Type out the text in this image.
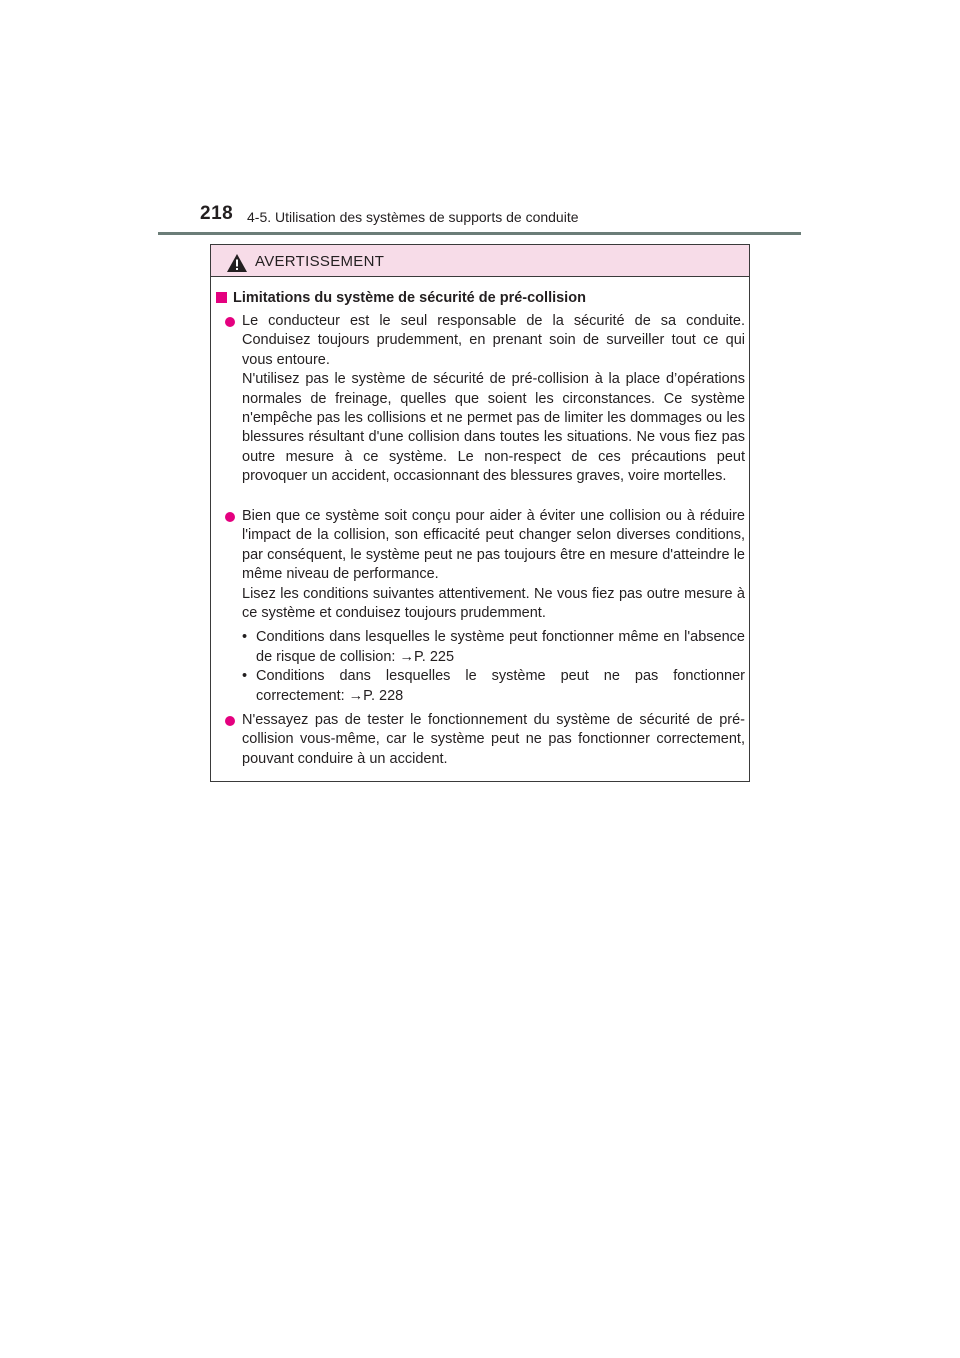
218 4-5. Utilisation des systèmes de supports de conduite
AVERTISSEMENT
Limitations du système de sécurité de pré-collision

Le conducteur est le seul responsable de la sécurité de sa conduite. Conduisez toujours prudemment, en prenant soin de surveiller tout ce qui vous entoure.

N'utilisez pas le système de sécurité de pré-collision à la place d’opérations normales de freinage, quelles que soient les circonstances. Ce système n'empêche pas les collisions et ne permet pas de limiter les dommages ou les blessures résultant d'une collision dans toutes les situations. Ne vous fiez pas outre mesure à ce système. Le non-respect de ces précautions peut provoquer un accident, occasionnant des blessures graves, voire mortelles.

Bien que ce système soit conçu pour aider à éviter une collision ou à réduire l'impact de la collision, son efficacité peut changer selon diverses conditions, par conséquent, le système peut ne pas toujours être en mesure d'atteindre le même niveau de performance.

Lisez les conditions suivantes attentivement. Ne vous fiez pas outre mesure à ce système et conduisez toujours prudemment.

• Conditions dans lesquelles le système peut fonctionner même en l'absence de risque de collision: →P. 225
• Conditions dans lesquelles le système peut ne pas fonctionner correctement: →P. 228

N'essayez pas de tester le fonctionnement du système de sécurité de pré-collision vous-même, car le système peut ne pas fonctionner correctement, pouvant conduire à un accident.
